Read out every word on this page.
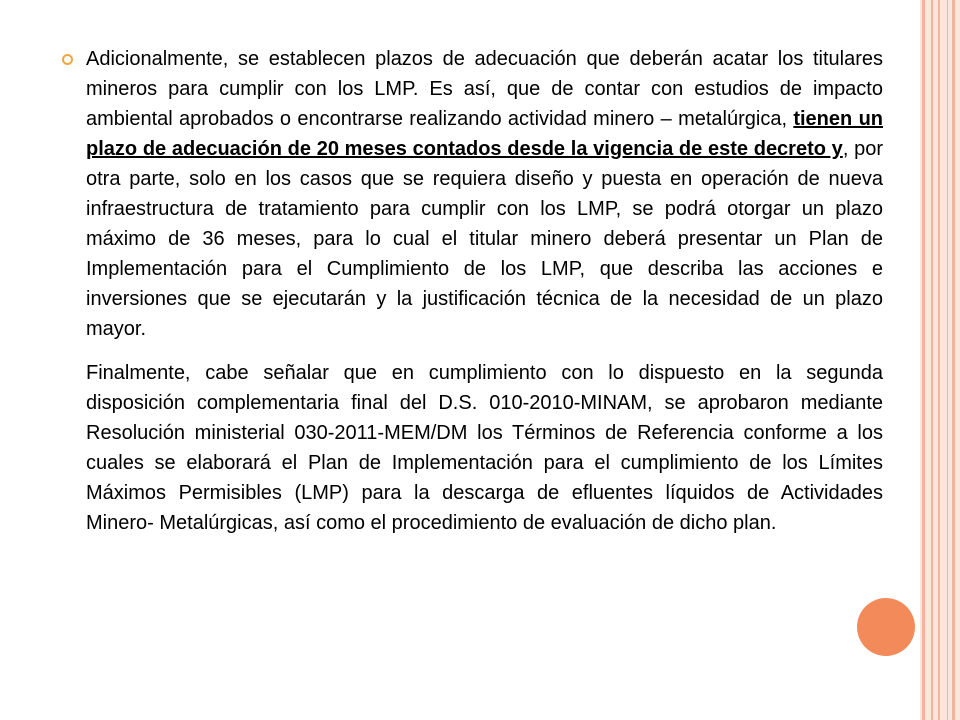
Adicionalmente, se establecen plazos de adecuación que deberán acatar los titulares mineros para cumplir con los LMP. Es así, que de contar con estudios de impacto ambiental aprobados o encontrarse realizando actividad minero – metalúrgica, tienen un plazo de adecuación de 20 meses contados desde la vigencia de este decreto y, por otra parte, solo en los casos que se requiera diseño y puesta en operación de nueva infraestructura de tratamiento para cumplir con los LMP, se podrá otorgar un plazo máximo de 36 meses, para lo cual el titular minero deberá presentar un Plan de Implementación para el Cumplimiento de los LMP, que describa las acciones e inversiones que se ejecutarán y la justificación técnica de la necesidad de un plazo mayor.

Finalmente, cabe señalar que en cumplimiento con lo dispuesto en la segunda disposición complementaria final del D.S. 010-2010-MINAM, se aprobaron mediante Resolución ministerial 030-2011-MEM/DM los Términos de Referencia conforme a los cuales se elaborará el Plan de Implementación para el cumplimiento de los Límites Máximos Permisibles (LMP) para la descarga de efluentes líquidos de Actividades Minero- Metalúrgicas, así como el procedimiento de evaluación de dicho plan.
